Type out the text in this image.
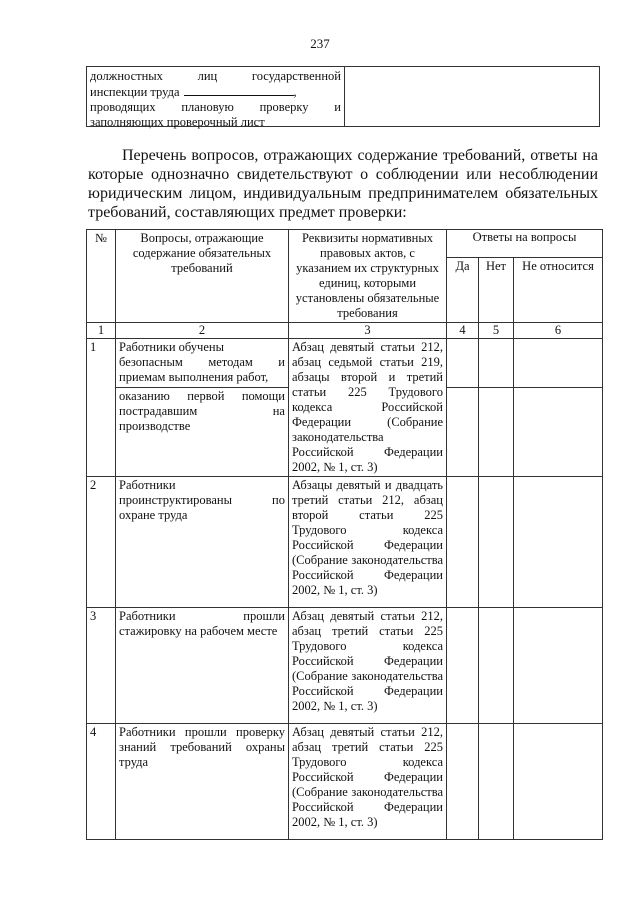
237
должностных	лиц	государственной
инспекции труда	,
проводящих плановую проверку и
заполняющих проверочный лист
Перечень вопросов, отражающих содержание требований, ответы на которые однозначно свидетельствуют о соблюдении или несоблюдении юридическим лицом, индивидуальным предпринимателем обязательных требований, составляющих предмет проверки:
№	Вопросы, отражающие содержание обязательных требований	Реквизиты нормативных правовых актов, с указанием их структурных единиц, которыми установлены обязательные требования	Ответы на вопросы		
			Да	Нет	Не относится
1	2	3	4	5	6
1	Работники обучены
безопасным методам и
приемам выполнения работ,	Абзац девятый статьи 212, абзац седьмой статьи 219, абзацы второй и третий статьи 225 Трудового кодекса Российской Федерации (Собрание законодательства Российской Федерации 2002, № 1, ст. 3)			

	оказанию первой помощи
пострадавшим на
производстве				

2	Работники
проинструктированы по
охране труда	Абзацы девятый и двадцать третий статьи 212, абзац второй статьи 225 Трудового кодекса Российской Федерации (Собрание законодательства Российской Федерации 2002, № 1, ст. 3)			
3	Работники прошли
стажировку на рабочем месте	Абзац девятый статьи 212, абзац третий статьи 225 Трудового кодекса Российской Федерации (Собрание законодательства Российской Федерации 2002, № 1, ст. 3)			
4	Работники прошли проверку
знаний требований охраны
труда	Абзац девятый статьи 212, абзац третий статьи 225 Трудового кодекса Российской Федерации (Собрание законодательства Российской Федерации 2002, № 1, ст. 3)			
